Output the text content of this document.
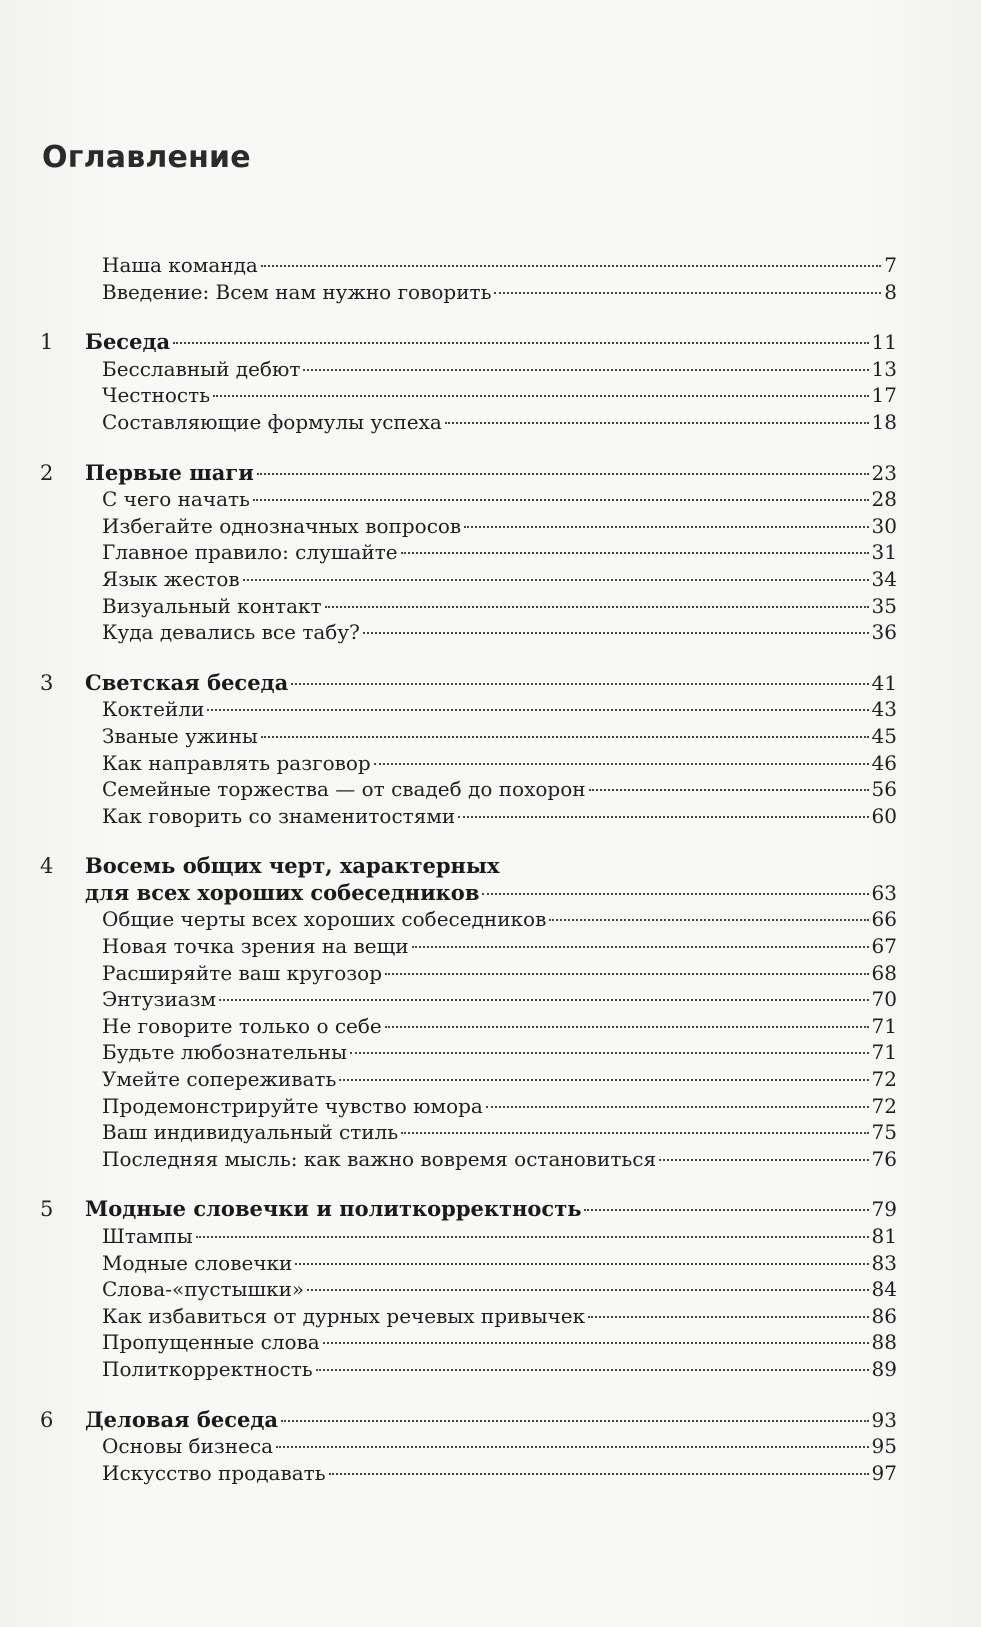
Оглавление
Наша команда	7
Введение: Всем нам нужно говорить	8
1	Беседа	11
Бесславный дебют	13
Честность	17
Составляющие формулы успеха	18
2	Первые шаги	23
С чего начать	28
Избегайте однозначных вопросов	30
Главное правило: слушайте	31
Язык жестов	34
Визуальный контакт	35
Куда девались все табу?	36
3	Светская беседа	41
Коктейли	43
Званые ужины	45
Как направлять разговор	46
Семейные торжества — от свадеб до похорон	56
Как говорить со знаменитостями	60
4	Восемь общих черт, характерных
для всех хороших собеседников	63
Общие черты всех хороших собеседников	66
Новая точка зрения на вещи	67
Расширяйте ваш кругозор	68
Энтузиазм	70
Не говорите только о себе	71
Будьте любознательны	71
Умейте сопереживать	72
Продемонстрируйте чувство юмора	72
Ваш индивидуальный стиль	75
Последняя мысль: как важно вовремя остановиться	76
5	Модные словечки и политкорректность	79
Штампы	81
Модные словечки	83
Слова-«пустышки»	84
Как избавиться от дурных речевых привычек	86
Пропущенные слова	88
Политкорректность	89
6	Деловая беседа	93
Основы бизнеса	95
Искусство продавать	97
